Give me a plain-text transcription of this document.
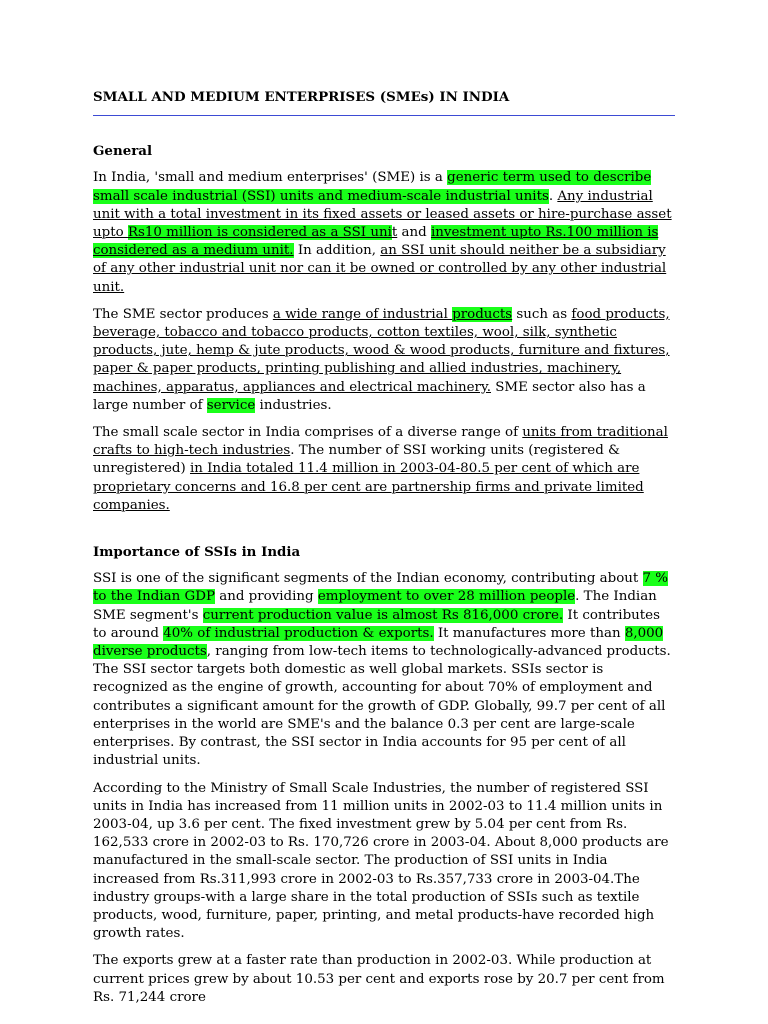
SMALL AND MEDIUM ENTERPRISES (SMEs) IN INDIA
General

In India, 'small and medium enterprises' (SME) is a generic term used to describe small scale industrial (SSI) units and medium-scale industrial units. Any industrial unit with a total investment in its fixed assets or leased assets or hire-purchase asset upto Rs10 million is considered as a SSI unit and investment upto Rs.100 million is considered as a medium unit. In addition, an SSI unit should neither be a subsidiary of any other industrial unit nor can it be owned or controlled by any other industrial unit.

The SME sector produces a wide range of industrial products such as food products, beverage, tobacco and tobacco products, cotton textiles, wool, silk, synthetic products, jute, hemp & jute products, wood & wood products, furniture and fixtures, paper & paper products, printing publishing and allied industries, machinery, machines, apparatus, appliances and electrical machinery. SME sector also has a large number of service industries.

The small scale sector in India comprises of a diverse range of units from traditional crafts to high-tech industries. The number of SSI working units (registered & unregistered) in India totaled 11.4 million in 2003-04-80.5 per cent of which are proprietary concerns and 16.8 per cent are partnership firms and private limited companies.

Importance of SSIs in India

SSI is one of the significant segments of the Indian economy, contributing about 7 % to the Indian GDP and providing employment to over 28 million people. The Indian SME segment's current production value is almost Rs 816,000 crore. It contributes to around 40% of industrial production & exports. It manufactures more than 8,000 diverse products, ranging from low-tech items to technologically-advanced products. The SSI sector targets both domestic as well global markets. SSIs sector is recognized as the engine of growth, accounting for about 70% of employment and contributes a significant amount for the growth of GDP. Globally, 99.7 per cent of all enterprises in the world are SME's and the balance 0.3 per cent are large-scale enterprises. By contrast, the SSI sector in India accounts for 95 per cent of all industrial units.

According to the Ministry of Small Scale Industries, the number of registered SSI units in India has increased from 11 million units in 2002-03 to 11.4 million units in 2003-04, up 3.6 per cent. The fixed investment grew by 5.04 per cent from Rs. 162,533 crore in 2002-03 to Rs. 170,726 crore in 2003-04. About 8,000 products are manufactured in the small-scale sector. The production of SSI units in India increased from Rs.311,993 crore in 2002-03 to Rs.357,733 crore in 2003-04.The industry groups-with a large share in the total production of SSIs such as textile products, wood, furniture, paper, printing, and metal products-have recorded high growth rates.

The exports grew at a faster rate than production in 2002-03. While production at current prices grew by about 10.53 per cent and exports rose by 20.7 per cent from Rs. 71,244 crore
